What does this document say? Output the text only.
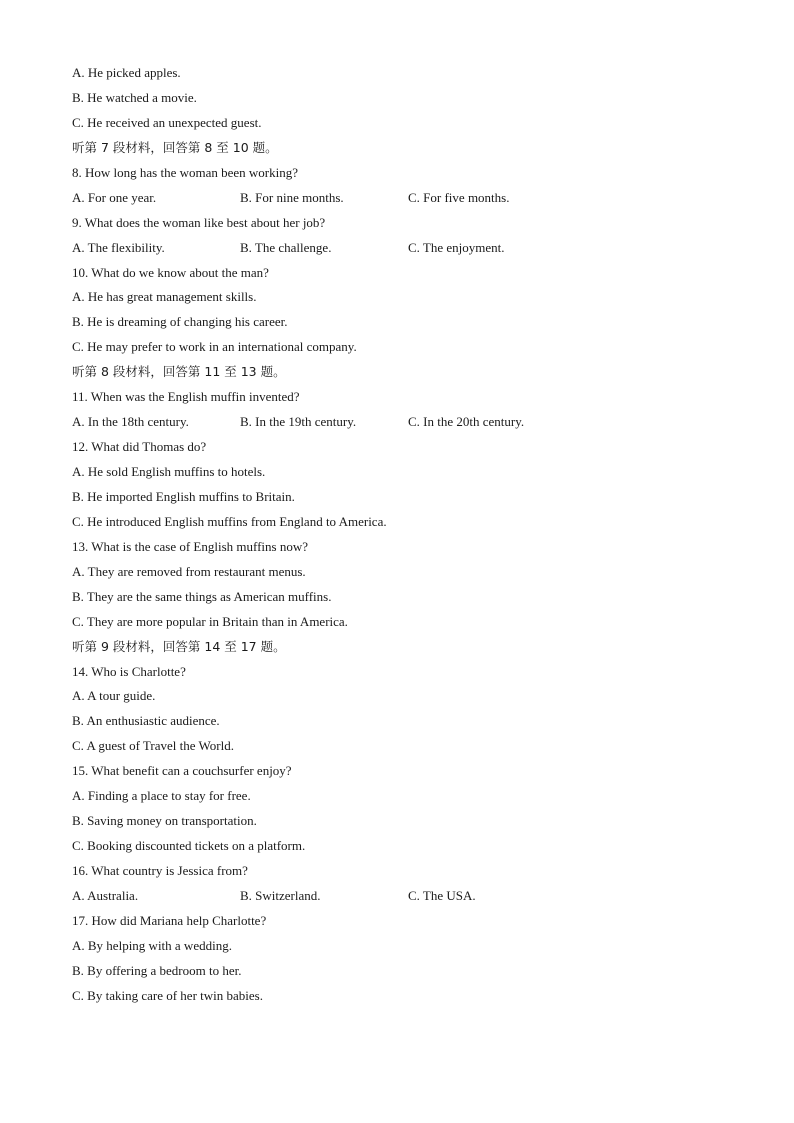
A. He picked apples.
B. He watched a movie.
C. He received an unexpected guest.
听第 7 段材料，回答第 8 至 10 题。
8. How long has the woman been working?
A. For one year.	B. For nine months.	C. For five months.
9. What does the woman like best about her job?
A. The flexibility.	B. The challenge.	C. The enjoyment.
10. What do we know about the man?
A. He has great management skills.
B. He is dreaming of changing his career.
C. He may prefer to work in an international company.
听第 8 段材料，回答第 11 至 13 题。
11. When was the English muffin invented?
A. In the 18th century.	B. In the 19th century.	C. In the 20th century.
12. What did Thomas do?
A. He sold English muffins to hotels.
B. He imported English muffins to Britain.
C. He introduced English muffins from England to America.
13. What is the case of English muffins now?
A. They are removed from restaurant menus.
B. They are the same things as American muffins.
C. They are more popular in Britain than in America.
听第 9 段材料，回答第 14 至 17 题。
14. Who is Charlotte?
A. A tour guide.
B. An enthusiastic audience.
C. A guest of Travel the World.
15. What benefit can a couchsurfer enjoy?
A. Finding a place to stay for free.
B. Saving money on transportation.
C. Booking discounted tickets on a platform.
16. What country is Jessica from?
A. Australia.	B. Switzerland.	C. The USA.
17. How did Mariana help Charlotte?
A. By helping with a wedding.
B. By offering a bedroom to her.
C. By taking care of her twin babies.
